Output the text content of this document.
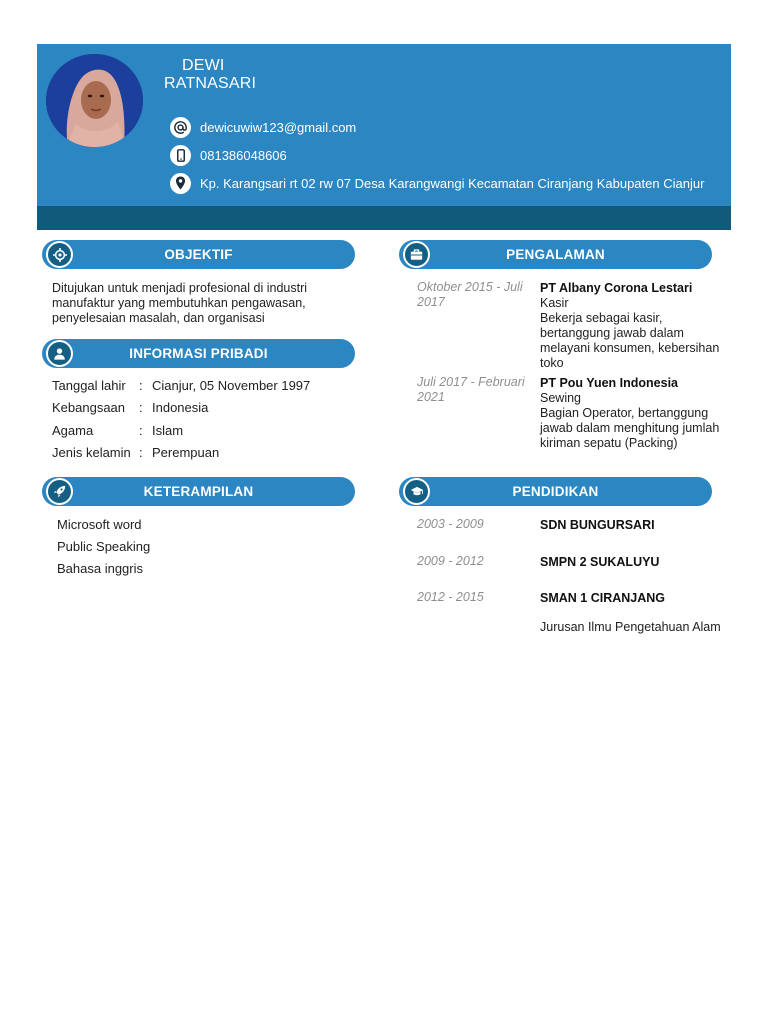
DEWI
RATNASARI
dewicuwiw123@gmail.com
081386048606
Kp. Karangsari rt 02 rw 07 Desa Karangwangi Kecamatan Ciranjang Kabupaten Cianjur
OBJEKTIF
Ditujukan untuk menjadi profesional di industri manufaktur yang membutuhkan pengawasan, penyelesaian masalah, dan organisasi
INFORMASI PRIBADI
Tanggal lahir : Cianjur, 05 November 1997
Kebangsaan : Indonesia
Agama	: Islam
Jenis kelamin : Perempuan
KETERAMPILAN
Microsoft word
Public Speaking
Bahasa inggris
PENGALAMAN
Oktober 2015 - Juli 2017
PT Albany Corona Lestari
Kasir
Bekerja sebagai kasir, bertanggung jawab dalam melayani konsumen, kebersihan toko
Juli 2017 - Februari 2021
PT Pou Yuen Indonesia
Sewing
Bagian Operator, bertanggung jawab dalam menghitung jumlah kiriman sepatu (Packing)
PENDIDIKAN
2003 - 2009	SDN BUNGURSARI
2009 - 2012	SMPN 2 SUKALUYU
2012 - 2015	SMAN 1 CIRANJANG
Jurusan Ilmu Pengetahuan Alam
